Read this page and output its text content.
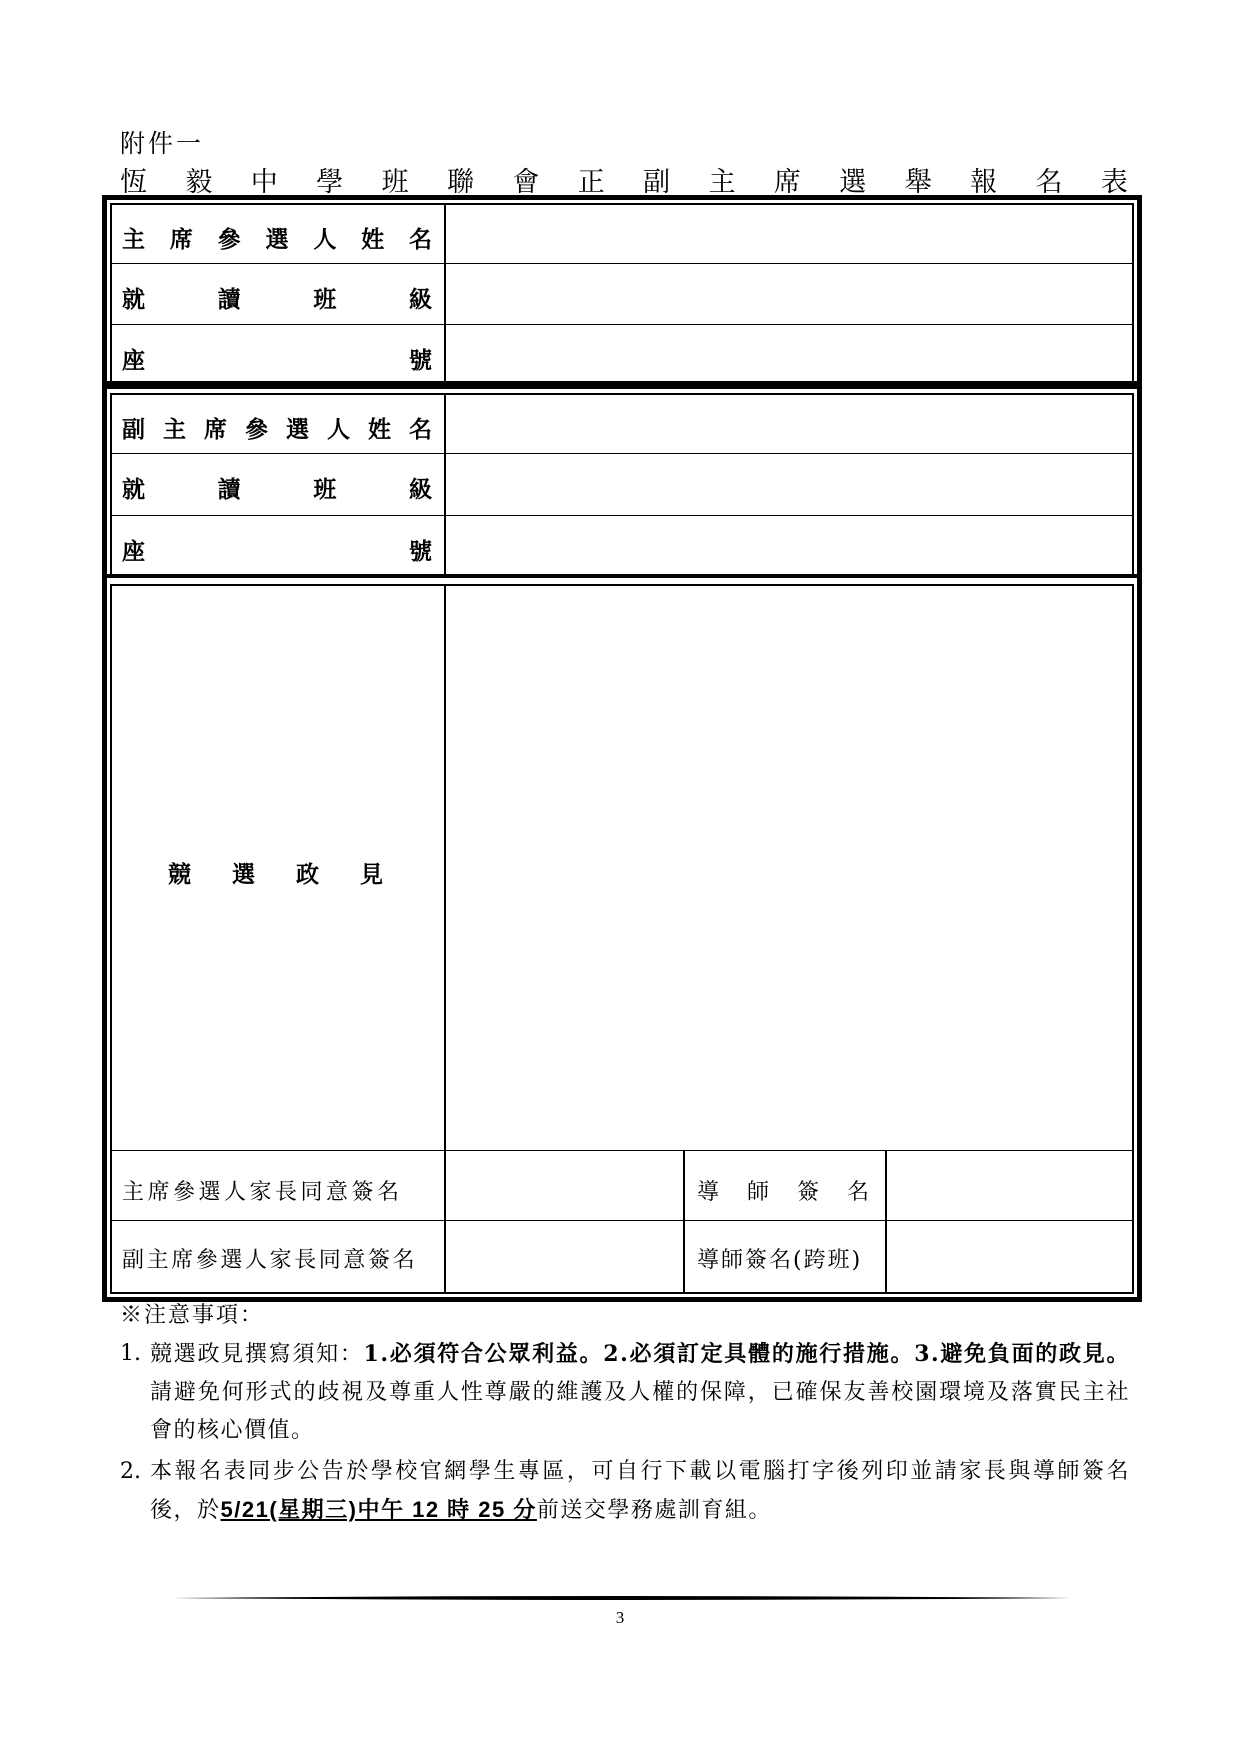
附件一
恆 毅 中 學 班 聯 會 正 副 主 席 選 舉 報 名 表
主 席 參 選 人 姓 名
就	讀	班	級
座	號
副 主 席 參 選 人 姓 名
就	讀	班	級
座	號
競 選 政 見
主席參選人家長同意簽名	導 師 簽 名
副主席參選人家長同意簽名	導師簽名(跨班)
※注意事項：
1. 競選政見撰寫須知：1.必須符合公眾利益。2.必須訂定具體的施行措施。3.避免負面的政見。請避免何形式的歧視及尊重人性尊嚴的維護及人權的保障，已確保友善校園環境及落實民主社會的核心價值。
2. 本報名表同步公告於學校官網學生專區，可自行下載以電腦打字後列印並請家長與導師簽名後，於5/21(星期三)中午 12 時 25 分前送交學務處訓育組。
3
